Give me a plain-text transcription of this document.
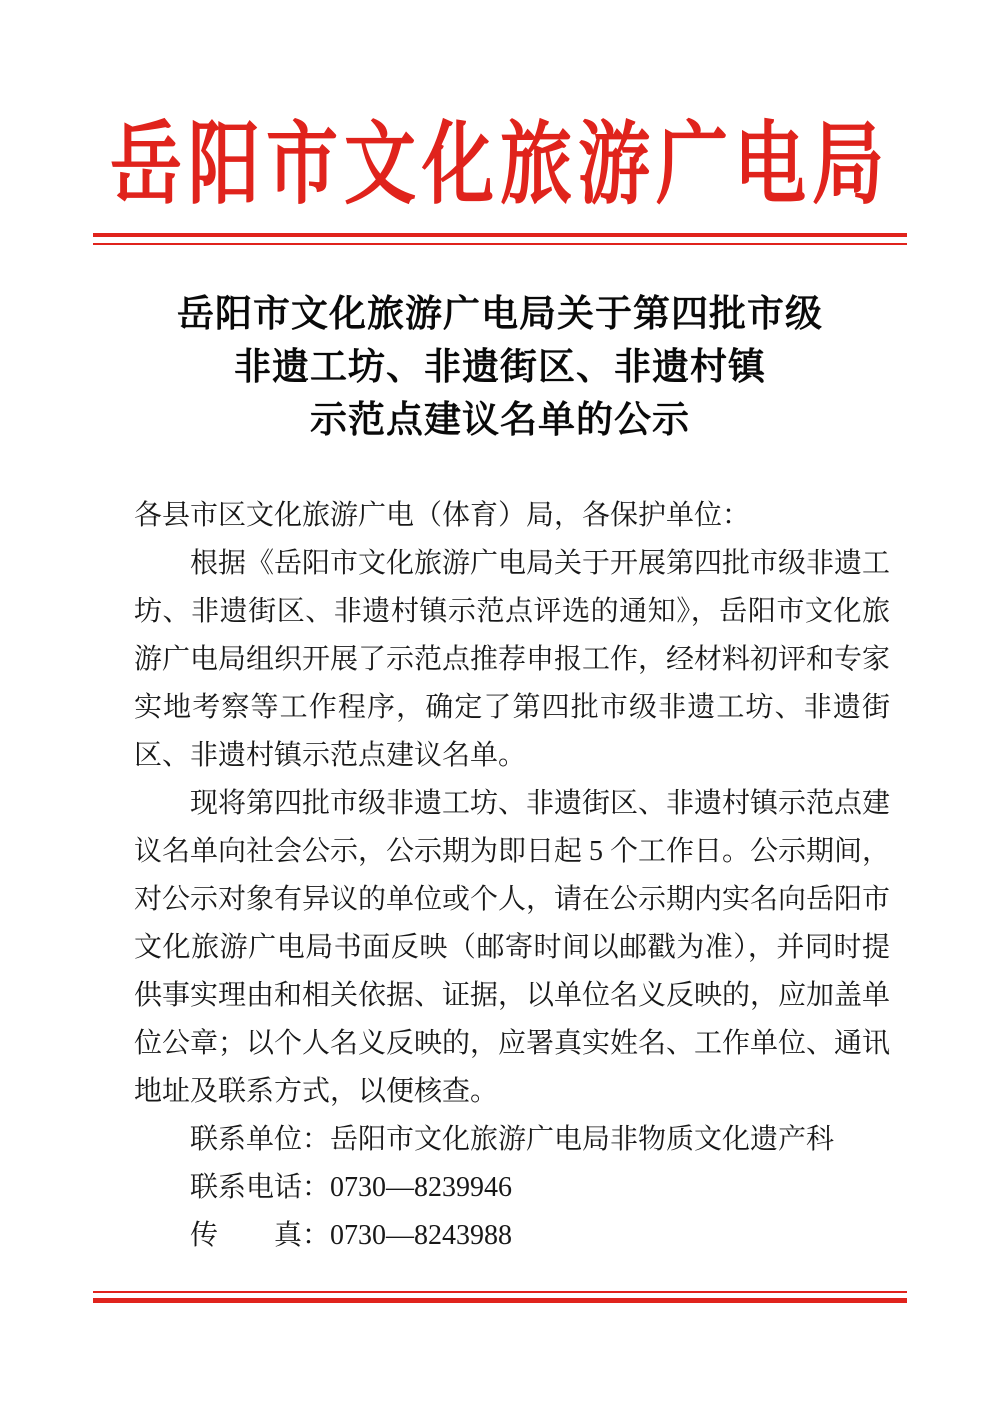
岳阳市文化旅游广电局
岳阳市文化旅游广电局关于第四批市级
非遗工坊、非遗街区、非遗村镇
示范点建议名单的公示

各县市区文化旅游广电（体育）局，各保护单位：

根据《岳阳市文化旅游广电局关于开展第四批市级非遗工坊、非遗街区、非遗村镇示范点评选的通知》，岳阳市文化旅游广电局组织开展了示范点推荐申报工作，经材料初评和专家实地考察等工作程序，确定了第四批市级非遗工坊、非遗街区、非遗村镇示范点建议名单。

现将第四批市级非遗工坊、非遗街区、非遗村镇示范点建议名单向社会公示，公示期为即日起 5 个工作日。公示期间，对公示对象有异议的单位或个人，请在公示期内实名向岳阳市文化旅游广电局书面反映（邮寄时间以邮戳为准），并同时提供事实理由和相关依据、证据，以单位名义反映的，应加盖单位公章；以个人名义反映的，应署真实姓名、工作单位、通讯地址及联系方式，以便核查。

联系单位：岳阳市文化旅游广电局非物质文化遗产科

联系电话：0730—8239946

传　　真：0730—8243988
